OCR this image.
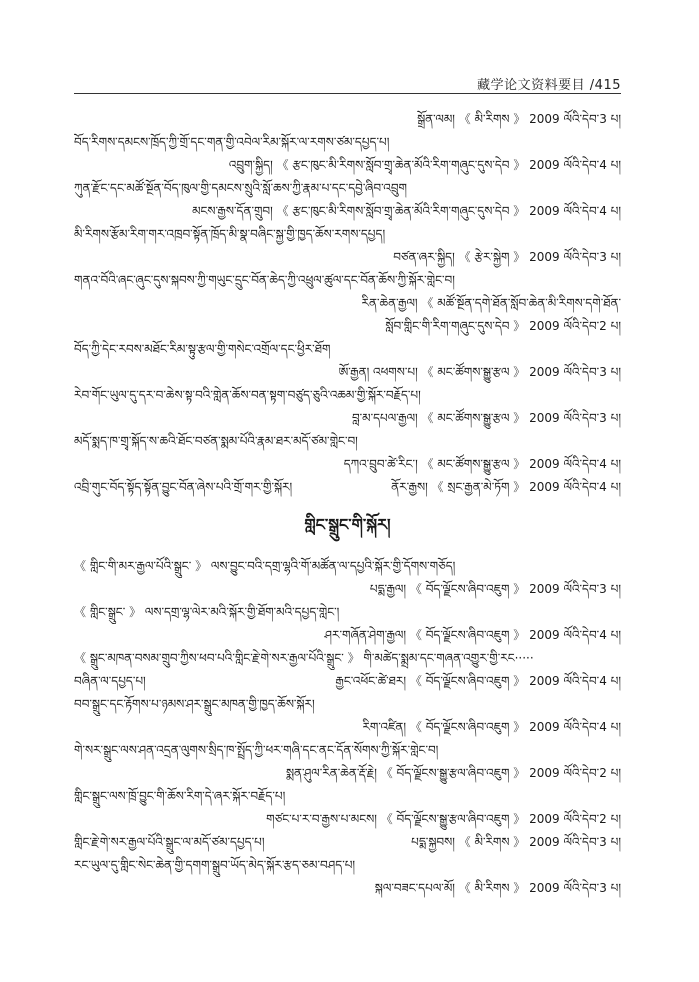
藏学论文资料要目 /415
སྒྲོན་ལམ། 《 མི་རིགས 》 2009 ལོའི་དེབ་3 པ།
བོད་རིགས་དམངས་ཁྲོད་ཀྱི་གྲོ་དང་གན་གྱི་འབེལ་རིམ་སྐོར་ལ་རགས་ཙམ་དཔྱད་པ།
འབྲུག་སྐྱིད། 《 རྩང་ཁུང་མི་རིགས་སློབ་གྲྭ་ཆེན་མོའི་རིག་གཞུང་དུས་དེབ 》 2009 ལོའི་དེབ་4 པ།
ཀུན་རྫོང་དང་མཚོ་སྔོན་བོད་ཁུལ་གྱི་དམངས་སྲུའི་སློ་ཆས་ཀྱི་རྣམ་པ་དང་དབྱེ་ཞིབ་འབྲུག
མངས་རྒྱས་དོན་གྲུབ། 《 རྩང་ཁུང་མི་རིགས་སློབ་གྲྭ་ཆེན་མོའི་རིག་གཞུང་དུས་དེབ 》 2009 ལོའི་དེབ་4 པ།
མི་རིགས་རྩོམ་རིག་གར་འཁྲབ་སྟོན་ཁྲོད་མི་སྣ་བཞིང་སྐྱ་གྱི་ཁྱད་ཆོས་རགས་དཔྱད།
བཙན་ཞར་སྐྱིད། 《 རྩེར་སྐྱེག 》 2009 ལོའི་དེབ་3 པ།
གནའ་བོའི་ཞང་ཞུང་དུས་སྐབས་ཀྱི་གཡུང་དྲུང་བོན་ཆེད་ཀྱི་འཕྲུལ་ཚུལ་དང་བོན་ཆོས་ཀྱི་སྐོར་གླེང་བ།
རིན་ཆེན་རྒྱལ། 《 མཚོ་སྔོན་དགེ་ཐོན་སློབ་ཆེན་མི་རིགས་དགེ་ཐོན་
སློབ་གླིང་གི་རིག་གཞུང་དུས་དེབ 》 2009 ལོའི་དེབ་2 པ།
བོད་ཀྱི་དེང་རབས་མཐོང་རིམ་སྟུ་རྩལ་གྱི་གསེང་འགྲོལ་དང་ཕྱིར་ཐོག
ཨོ་རྒྱན། འཕགས་པ། 《 མང་ཚོགས་སྒྱུ་རྩལ 》 2009 ལོའི་དེབ་3 པ།
རེབ་གོང་ཡུལ་དུ་དར་བ་ཆེས་སྟ་བའི་གླེན་ཆོས་བན་སྟག་བཙུད་ཅུའི་འཆམ་གྱི་སྐོར་བརྗོད་པ།
བླ་མ་དཔལ་རྒྱལ། 《 མང་ཚོགས་སྒྱུ་རྩལ 》 2009 ལོའི་དེབ་3 པ།
མདོ་སྨད་ཁ་གྲྭ་སྐོད་ས་ཆའི་ཐོང་བཙན་སྨམ་པོའི་རྣམ་ཐར་མདོ་ཙམ་གླེང་བ།
དཀའ་བྲུབ་ཚེ་རིང་། 《 མང་ཚོགས་སྒྱུ་རྩལ 》 2009 ལོའི་དེབ་4 པ།
འབྲི་གུང་བོད་སྟོད་སྟོན་བྱུང་བོན་ཞེས་པའི་གྲོ་གར་གྱི་སྐོར།	ནོར་རྒྱས། 《 སྲང་རྒྱན་མེ་ཏོག 》 2009 ལོའི་དེབ་4 པ།
གླིང་སྒྲུང་གི་སྐོར།
《 གླིང་གི་མར་རྒྱལ་པོའི་སྒྲུང་ 》 ལས་བྱུང་བའི་དགྲ་ལྷའི་གོ་མཚོན་ལ་དཔྱའི་སྐོར་གྱི་དོགས་གཅོད།
པདྨ་རྒྱལ། 《 བོད་ལྗོངས་ཞིབ་འཇུག 》 2009 ལོའི་དེབ་3 པ།
《 གླིང་སྒྲུང་ 》 ལས་དགྲ་ལྷ་ལེར་མའི་སྐོར་གྱི་ཐོག་མའི་དཔྱད་གླེང་།
ཤར་གཞོན་ཤེག་རྒྱལ། 《 བོད་ལྗོངས་ཞིབ་འཇུག 》 2009 ལོའི་དེབ་4 པ།
《 སྒྲུང་མཁན་བསམ་གྲུབ་ཀྱིས་ཕབ་པའི་གླིང་རྗེ་གེ་སར་རྒྱལ་པོའི་སྒྲུང་ 》 གི་མཚེད་སྨྲམ་དང་གཞན་འགྱུར་གྱི་རང·····
བཞིན་ལ་དཔྱད་པ།	རྒྱང་འཕོང་ཚེ་ཐར། 《 བོད་ལྗོངས་ཞིབ་འཇུག 》 2009 ལོའི་དེབ་4 པ།
བབ་སྒྲུང་དང་རྟོགས་པ་ཉམས་ཤར་སྒྲུང་མཁན་གྱི་ཁྱད་ཆོས་སྐོར།
རིག་འཛིན། 《 བོད་ལྗོངས་ཞིབ་འཇུག 》 2009 ལོའི་དེབ་4 པ།
གེ་སར་སྒྲུང་ལས་ཤན་འདྲན་ལུགས་སྲིད་ཁ་སྤྲོད་ཀྱི་ཕར་གཞི་དང་ནང་དོན་སོགས་ཀྱི་སྐོར་གླེང་བ།
སྨན་ཤུལ་རིན་ཆེན་རྡོ་རྗེ། 《 བོད་ལྗོངས་སྒྱུ་རྩལ་ཞིབ་འཇུག 》 2009 ལོའི་དེབ་2 པ།
གླིང་སྒྲུང་ལས་ཁྲོ་བྱུང་གི་ཆོས་རིག་དེ་ཞར་སྐོར་བརྗོད་པ།
གཙང་པ་ར་བ་རྒྱས་པ་མངས། 《 བོད་ལྗོངས་སྒྱུ་རྩལ་ཞིབ་འཇུག 》 2009 ལོའི་དེབ་2 པ།
གླིང་རྗེ་གེ་སར་རྒྱལ་པོའི་སྒྲུང་ལ་མདོ་ཙམ་དཔྱད་པ།	པདྨ་སྐྱབས། 《 མི་རིགས 》 2009 ལོའི་དེབ་3 པ།
རང་ཡུལ་དུ་གླིང་སེང་ཆེན་གྱི་དགག་སྒྲུབ་ཡོད་མེད་སྐོར་རྩད་ཅམ་བཤད་པ།
སྐལ་བཟང་དཔལ་མོ། 《 མི་རིགས 》 2009 ལོའི་དེབ་3 པ།
